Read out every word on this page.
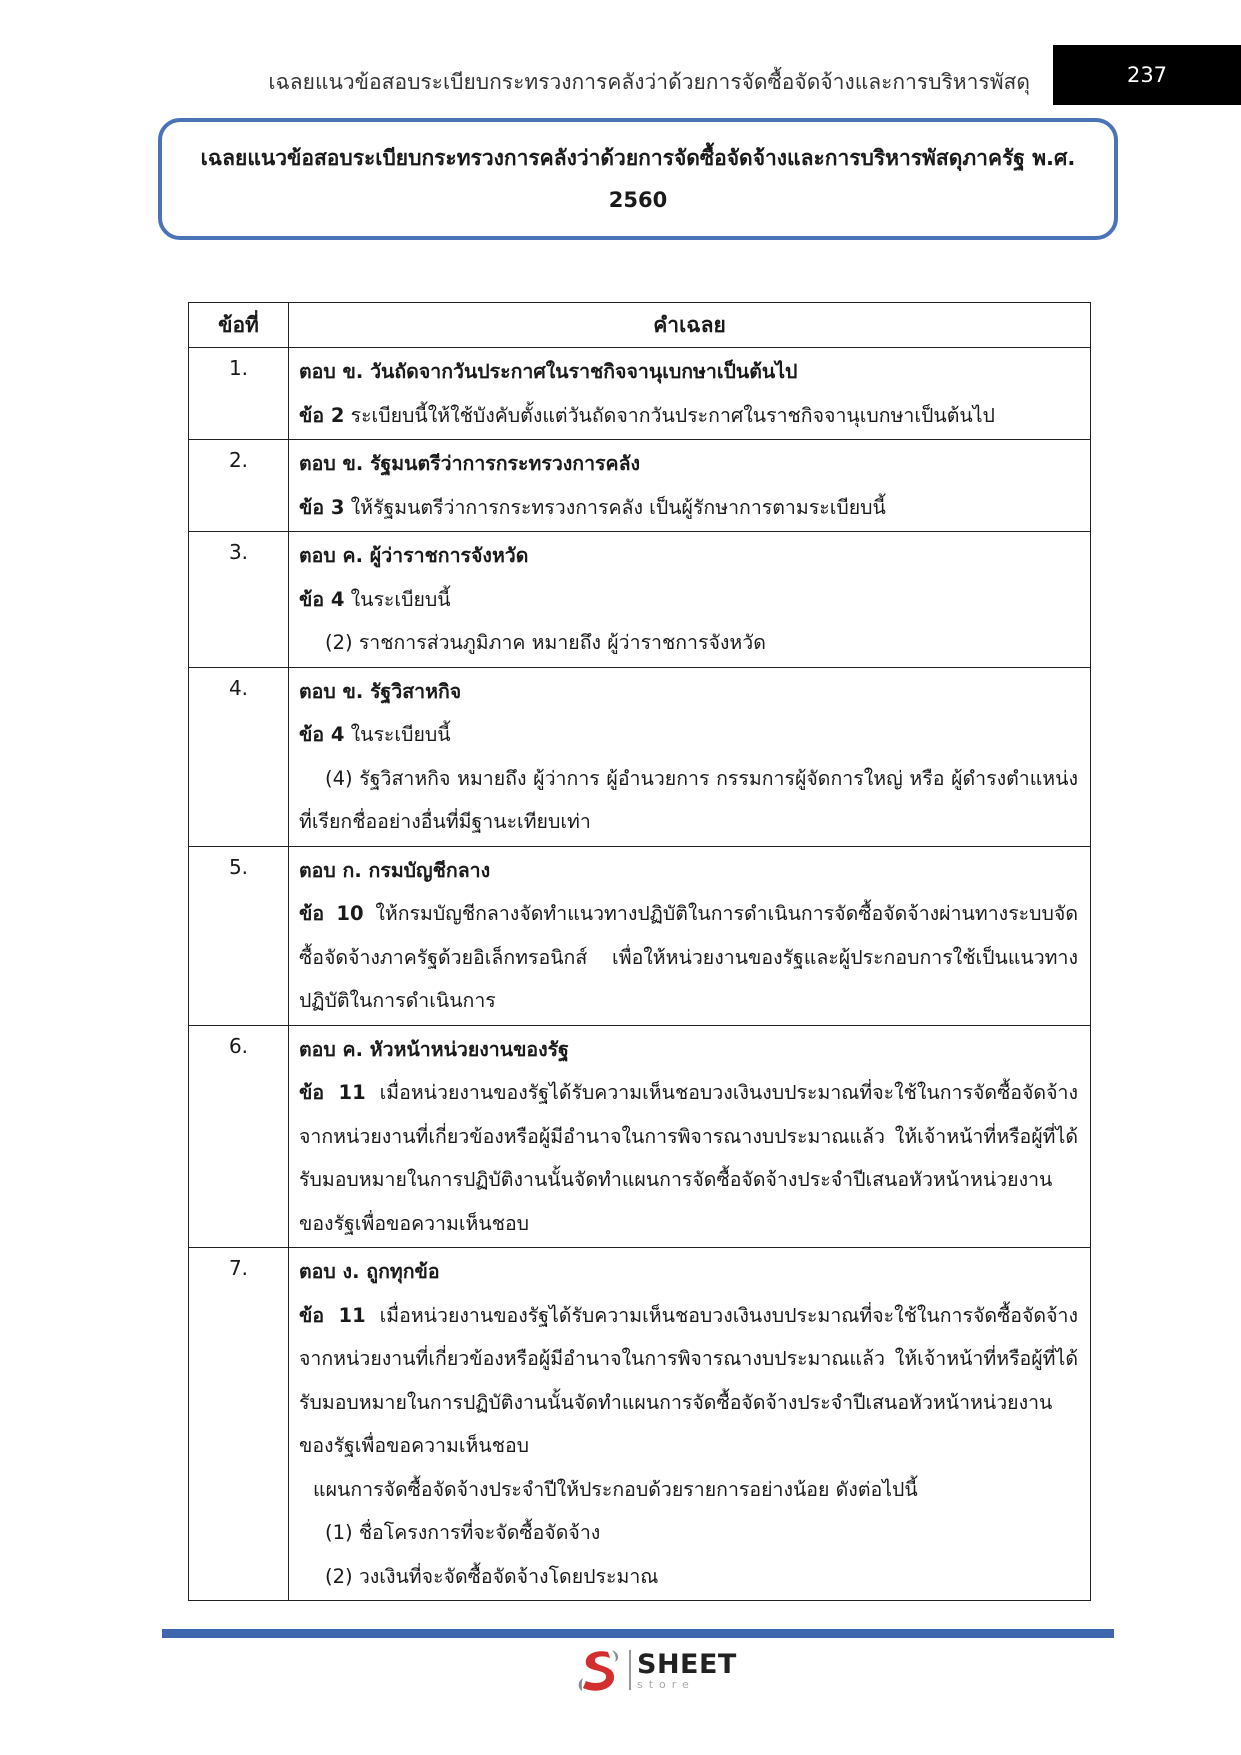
เฉลยแนวข้อสอบระเบียบกระทรวงการคลังว่าด้วยการจัดซื้อจัดจ้างและการบริหารพัสดุ	237
เฉลยแนวข้อสอบระเบียบกระทรวงการคลังว่าด้วยการจัดซื้อจัดจ้างและการบริหารพัสดุภาครัฐ พ.ศ.
2560
ข้อที่	คำเฉลย
1.	ตอบ ข. วันถัดจากวันประกาศในราชกิจจานุเบกษาเป็นต้นไป
ข้อ 2 ระเบียบนี้ให้ใช้บังคับตั้งแต่วันถัดจากวันประกาศในราชกิจจานุเบกษาเป็นต้นไป

2.	ตอบ ข. รัฐมนตรีว่าการกระทรวงการคลัง
ข้อ 3 ให้รัฐมนตรีว่าการกระทรวงการคลัง เป็นผู้รักษาการตามระเบียบนี้

3.	ตอบ ค. ผู้ว่าราชการจังหวัด
ข้อ 4 ในระเบียบนี้
(2) ราชการส่วนภูมิภาค หมายถึง ผู้ว่าราชการจังหวัด

4.	ตอบ ข. รัฐวิสาหกิจ
ข้อ 4 ในระเบียบนี้
(4) รัฐวิสาหกิจ หมายถึง ผู้ว่าการ ผู้อำนวยการ กรรมการผู้จัดการใหญ่ หรือ ผู้ดำรงตำแหน่ง ที่เรียกชื่ออย่างอื่นที่มีฐานะเทียบเท่า

5.	ตอบ ก. กรมบัญชีกลาง
ข้อ 10 ให้กรมบัญชีกลางจัดทำแนวทางปฏิบัติในการดำเนินการจัดซื้อจัดจ้างผ่านทางระบบจัดซื้อจัดจ้างภาครัฐด้วยอิเล็กทรอนิกส์ เพื่อให้หน่วยงานของรัฐและผู้ประกอบการใช้เป็นแนวทางปฏิบัติในการดำเนินการ

6.	ตอบ ค. หัวหน้าหน่วยงานของรัฐ
ข้อ 11 เมื่อหน่วยงานของรัฐได้รับความเห็นชอบวงเงินงบประมาณที่จะใช้ในการจัดซื้อจัดจ้างจากหน่วยงานที่เกี่ยวข้องหรือผู้มีอำนาจในการพิจารณางบประมาณแล้ว ให้เจ้าหน้าที่หรือผู้ที่ได้รับมอบหมายในการปฏิบัติงานนั้นจัดทำแผนการจัดซื้อจัดจ้างประจำปีเสนอหัวหน้าหน่วยงานของรัฐเพื่อขอความเห็นชอบ

7.	ตอบ ง. ถูกทุกข้อ
ข้อ 11 เมื่อหน่วยงานของรัฐได้รับความเห็นชอบวงเงินงบประมาณที่จะใช้ในการจัดซื้อจัดจ้างจากหน่วยงานที่เกี่ยวข้องหรือผู้มีอำนาจในการพิจารณางบประมาณแล้ว ให้เจ้าหน้าที่หรือผู้ที่ได้รับมอบหมายในการปฏิบัติงานนั้นจัดทำแผนการจัดซื้อจัดจ้างประจำปีเสนอหัวหน้าหน่วยงานของรัฐเพื่อขอความเห็นชอบ
แผนการจัดซื้อจัดจ้างประจำปีให้ประกอบด้วยรายการอย่างน้อย ดังต่อไปนี้
(1) ชื่อโครงการที่จะจัดซื้อจัดจ้าง
(2) วงเงินที่จะจัดซื้อจัดจ้างโดยประมาณ
SHEET
store
